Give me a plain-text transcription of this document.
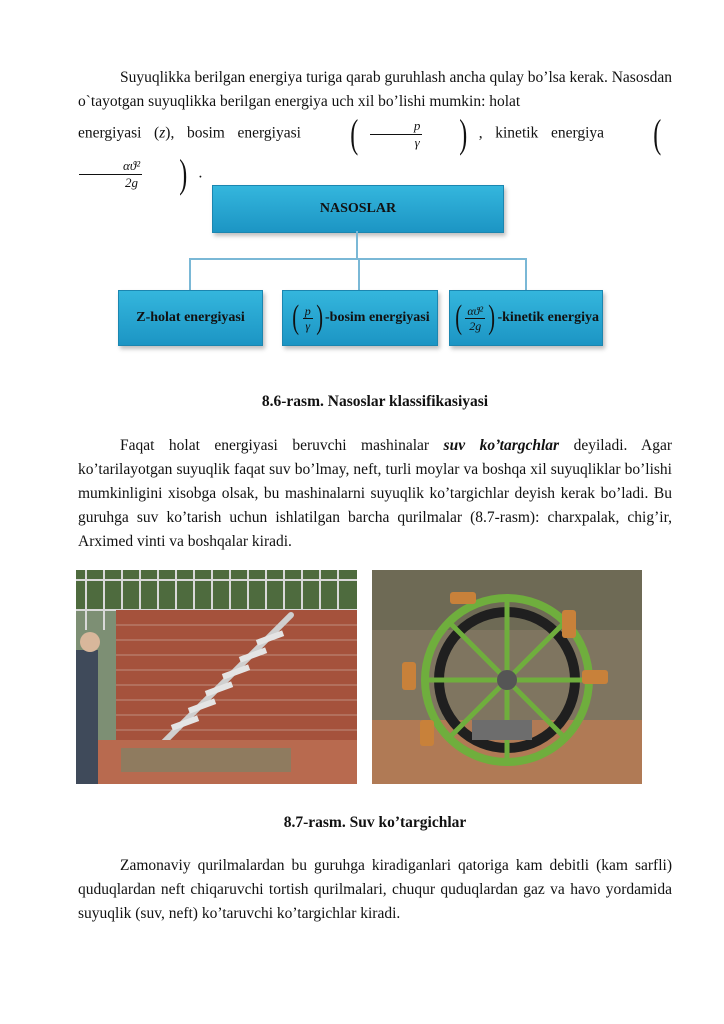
Suyuqlikka berilgan energiya turiga qarab guruhlash ancha qulay bo’lsa kerak. Nasosdan o`tayotgan suyuqlikka berilgan energiya uch xil bo’lishi mumkin: holat
energiyasi (z), bosim energiyasi ( $\frac{p}{\gamma}$ ) , kinetik energiya (
$\frac{\text{αϑ²}}{2g}$ ) .

NASOSLAR
Z-holat energiyasi ( $\frac{p}{\gamma}$ ) -bosim energiyasi ( $\frac{\text{αϑ²}}{2g}$ ) -kinetik energiya
8.6-rasm. Nasoslar klassifikasiyasi

Faqat holat energiyasi beruvchi mashinalar suv ko’targchlar deyiladi. Agar ko’tarilayotgan suyuqlik faqat suv bo’lmay, neft, turli moylar va boshqa xil suyuqliklar bo’lishi mumkinligini xisobga olsak, bu mashinalarni suyuqlik ko’targichlar deyish kerak bo’ladi. Bu guruhga suv ko’tarish uchun ishlatilgan barcha qurilmalar (8.7-rasm): charxpalak, chig’ir, Arximed vinti va boshqalar kiradi.

8.7-rasm. Suv ko’targichlar

Zamonaviy qurilmalardan bu guruhga kiradiganlari qatoriga kam debitli (kam sarfli) quduqlardan neft chiqaruvchi tortish qurilmalari, chuqur quduqlardan gaz va havo yordamida suyuqlik (suv, neft) ko’taruvchi ko’targichlar kiradi.
